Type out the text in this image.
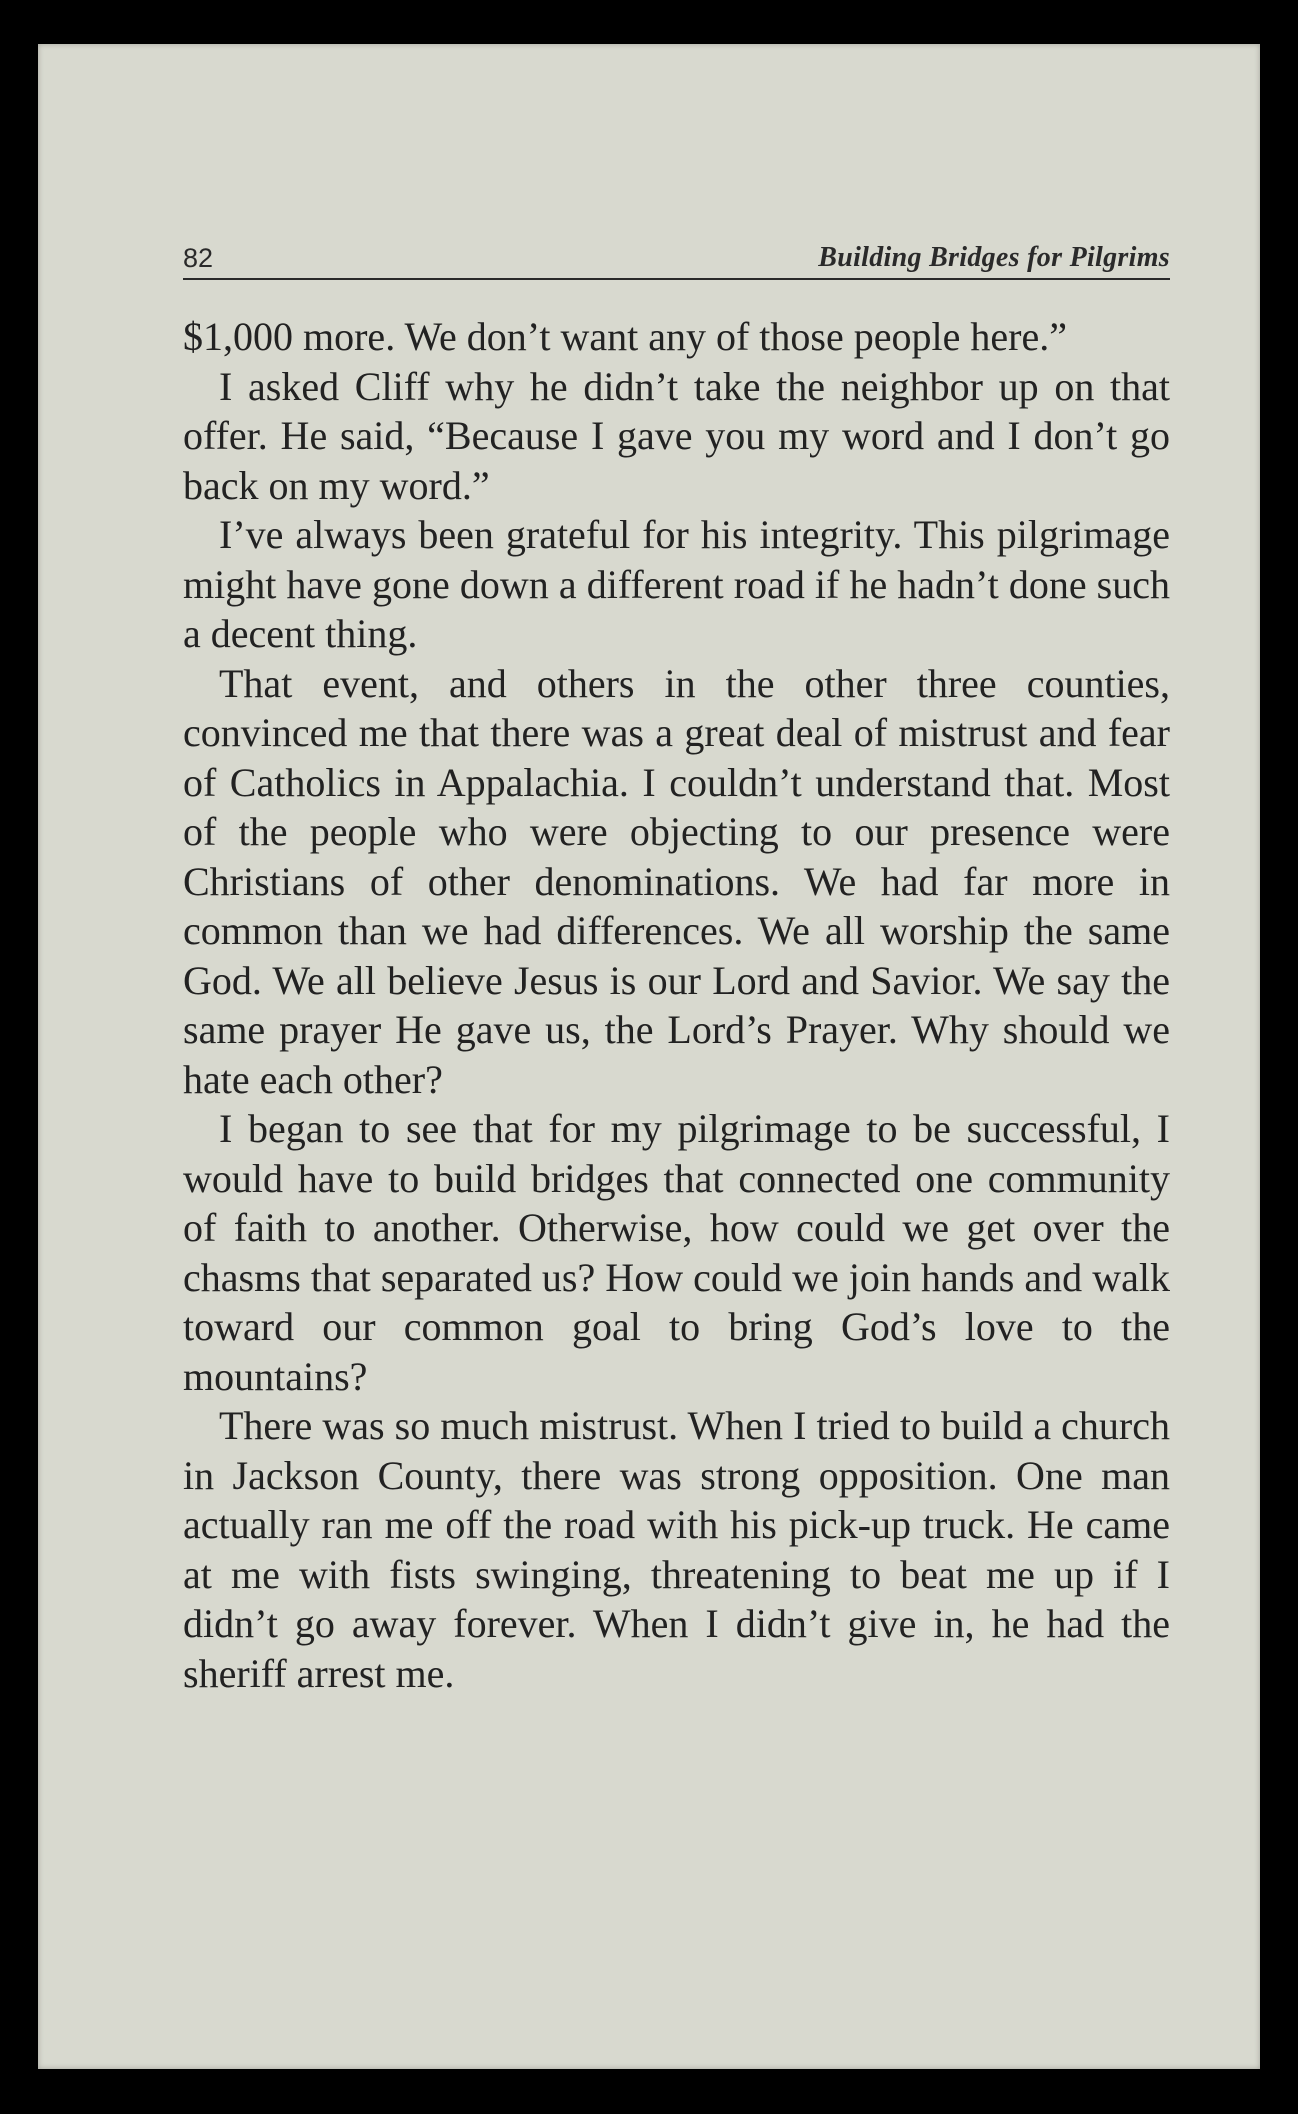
82	Building Bridges for Pilgrims

$1,000 more. We don’t want any of those people here.”

I asked Cliff why he didn’t take the neighbor up on that offer. He said, “Because I gave you my word and I don’t go back on my word.”

I’ve always been grateful for his integrity. This pilgrimage might have gone down a different road if he hadn’t done such a decent thing.

That event, and others in the other three counties, convinced me that there was a great deal of mistrust and fear of Catholics in Appalachia. I couldn’t understand that. Most of the people who were objecting to our presence were Christians of other denominations. We had far more in common than we had differences. We all worship the same God. We all believe Jesus is our Lord and Savior. We say the same prayer He gave us, the Lord’s Prayer. Why should we hate each other?

I began to see that for my pilgrimage to be successful, I would have to build bridges that connected one community of faith to another. Otherwise, how could we get over the chasms that separated us? How could we join hands and walk toward our common goal to bring God’s love to the mountains?

There was so much mistrust. When I tried to build a church in Jackson County, there was strong opposition. One man actually ran me off the road with his pick-up truck. He came at me with fists swinging, threatening to beat me up if I didn’t go away forever. When I didn’t give in, he had the sheriff arrest me.
